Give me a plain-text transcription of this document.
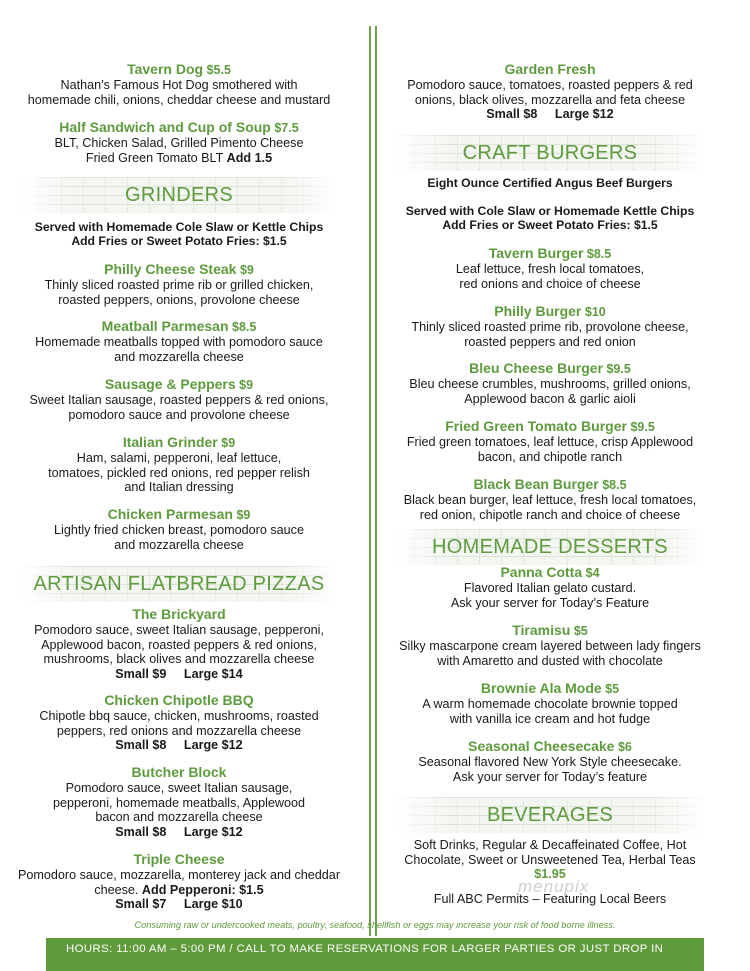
Tavern Dog $5.5
Nathan’s Famous Hot Dog smothered with
homemade chili, onions, cheddar cheese and mustard
Half Sandwich and Cup of Soup $7.5
BLT, Chicken Salad, Grilled Pimento Cheese
Fried Green Tomato BLT Add 1.5
GRINDERS
Served with Homemade Cole Slaw or Kettle Chips
Add Fries or Sweet Potato Fries: $1.5
Philly Cheese Steak $9
Thinly sliced roasted prime rib or grilled chicken,
roasted peppers, onions, provolone cheese
Meatball Parmesan $8.5
Homemade meatballs topped with pomodoro sauce
and mozzarella cheese
Sausage & Peppers $9
Sweet Italian sausage, roasted peppers & red onions,
pomodoro sauce and provolone cheese
Italian Grinder $9
Ham, salami, pepperoni, leaf lettuce,
tomatoes, pickled red onions, red pepper relish
and Italian dressing
Chicken Parmesan $9
Lightly fried chicken breast, pomodoro sauce
and mozzarella cheese
ARTISAN FLATBREAD PIZZAS
The Brickyard
Pomodoro sauce, sweet Italian sausage, pepperoni,
Applewood bacon, roasted peppers & red onions,
mushrooms, black olives and mozzarella cheese
Small $9     Large $14
Chicken Chipotle BBQ
Chipotle bbq sauce, chicken, mushrooms, roasted
peppers, red onions and mozzarella cheese
Small $8     Large $12
Butcher Block
Pomodoro sauce, sweet Italian sausage,
pepperoni, homemade meatballs, Applewood
bacon and mozzarella cheese
Small $8     Large $12
Triple Cheese
Pomodoro sauce, mozzarella, monterey jack and cheddar
cheese. Add Pepperoni: $1.5
Small $7     Large $10
Garden Fresh
Pomodoro sauce, tomatoes, roasted peppers & red
onions, black olives, mozzarella and feta cheese
Small $8     Large $12
CRAFT BURGERS
Eight Ounce Certified Angus Beef Burgers
Served with Cole Slaw or Homemade Kettle Chips
Add Fries or Sweet Potato Fries: $1.5
Tavern Burger $8.5
Leaf lettuce, fresh local tomatoes,
red onions and choice of cheese
Philly Burger $10
Thinly sliced roasted prime rib, provolone cheese,
roasted peppers and red onion
Bleu Cheese Burger $9.5
Bleu cheese crumbles, mushrooms, grilled onions,
Applewood bacon & garlic aioli
Fried Green Tomato Burger $9.5
Fried green tomatoes, leaf lettuce, crisp Applewood
bacon, and chipotle ranch
Black Bean Burger $8.5
Black bean burger, leaf lettuce, fresh local tomatoes,
red onion, chipotle ranch and choice of cheese
HOMEMADE DESSERTS
Panna Cotta $4
Flavored Italian gelato custard.
Ask your server for Today’s Feature
Tiramisu $5
Silky mascarpone cream layered between lady fingers
with Amaretto and dusted with chocolate
Brownie Ala Mode $5
A warm homemade chocolate brownie topped
with vanilla ice cream and hot fudge
Seasonal Cheesecake $6
Seasonal flavored New York Style cheesecake.
Ask your server for Today’s feature
BEVERAGES
Soft Drinks, Regular & Decaffeinated Coffee, Hot
Chocolate, Sweet or Unsweetened Tea, Herbal Teas
$1.95
Full ABC Permits – Featuring Local Beers
menupix
Consuming raw or undercooked meats, poultry, seafood, shellfish or eggs may increase your risk of food borne illness.
HOURS: 11:00 AM – 5:00 PM / CALL TO MAKE RESERVATIONS FOR LARGER PARTIES OR JUST DROP IN
